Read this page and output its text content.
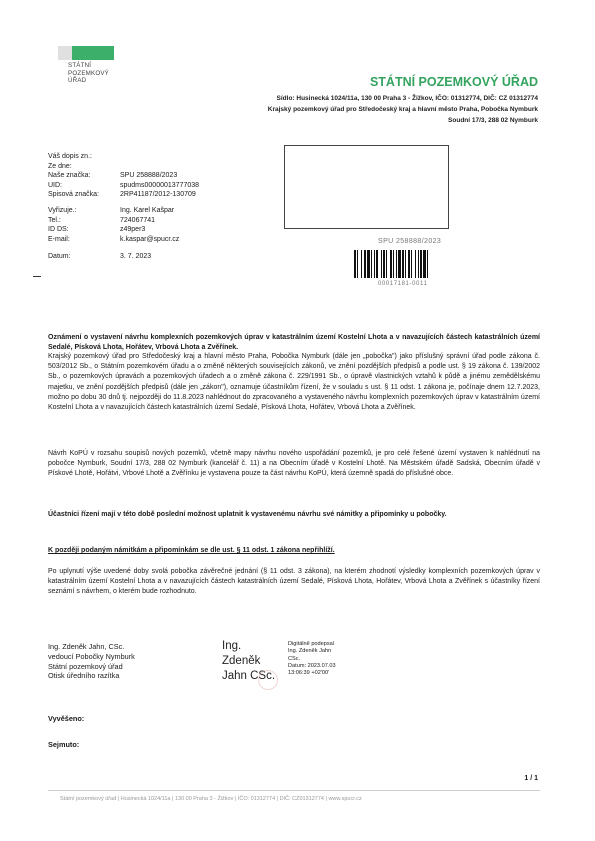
STÁTNÍ
POZEMKOVÝ
ÚŘAD	STÁTNÍ POZEMKOVÝ ÚŘAD
Sídlo: Husinecká 1024/11a, 130 00 Praha 3 - Žižkov, IČO: 01312774, DIČ: CZ 01312774
Krajský pozemkový úřad pro Středočeský kraj a hlavní město Praha, Pobočka Nymburk
Soudní 17/3, 288 02 Nymburk
Váš dopis zn.:
Ze dne:
Naše značka:	SPU 258888/2023
UID:	spudms00000013777038
Spisová značka:	2RP41187/2012-130709
Vyřizuje.:	Ing. Karel Kašpar
Tel.:	724067741
ID DS:	z49per3
E-mail:	k.kaspar@spucr.cz
Datum:	3. 7. 2023
SPU 258888/2023
00017181-0011
Oznámení o vystavení návrhu komplexních pozemkových úprav v katastrálním území Kostelní Lhota a v navazujících částech katastrálních území Sedalé, Písková Lhota, Hořátev, Vrbová Lhota a Zvěřínek.
Krajský pozemkový úřad pro Středočeský kraj a hlavní město Praha, Pobočka Nymburk (dále jen „pobočka") jako příslušný správní úřad podle zákona č. 503/2012 Sb., o Státním pozemkovém úřadu a o změně některých souvisejících zákonů, ve znění pozdějších předpisů a podle ust. § 19 zákona č. 139/2002 Sb., o pozemkových úpravách a pozemkových úřadech a o změně zákona č. 229/1991 Sb., o úpravě vlastnických vztahů k půdě a jinému zemědělskému majetku, ve znění pozdějších předpisů (dále jen „zákon"), oznamuje účastníkům řízení, že v souladu s ust. § 11 odst. 1 zákona je, počínaje dnem 12.7.2023, možno po dobu 30 dnů tj. nejpozději do 11.8.2023 nahlédnout do zpracovaného a vystaveného návrhu komplexních pozemkových úprav v katastrálním území Kostelní Lhota a v navazujících částech katastrálních území Sedalé, Písková Lhota, Hořátev, Vrbová Lhota a Zvěřínek.
Návrh KoPÚ v rozsahu soupisů nových pozemků, včetně mapy návrhu nového uspořádání pozemků, je pro celé řešené území vystaven k nahlédnutí na pobočce Nymburk, Soudní 17/3, 288 02 Nymburk (kancelář č. 11) a na Obecním úřadě v Kostelní Lhotě. Na Městském úřadě Sadská, Obecním úřadě v Pískové Lhotě, Hořátvi, Vrbové Lhotě a Zvěřínku je vystavena pouze ta část návrhu KoPÚ, která územně spadá do příslušné obce.
Účastníci řízení mají v této době poslední možnost uplatnit k vystavenému návrhu své námitky a připomínky u pobočky.
K později podaným námitkám a připomínkám se dle ust. § 11 odst. 1 zákona nepřihlíží.
Po uplynutí výše uvedené doby svolá pobočka závěrečné jednání (§ 11 odst. 3 zákona), na kterém zhodnotí výsledky komplexních pozemkových úprav v katastrálním území Kostelní Lhota a v navazujících částech katastrálních území Sedalé, Písková Lhota, Hořátev, Vrbová Lhota a Zvěřínek s účastníky řízení seznámí s návrhem, o kterém bude rozhodnuto.
Ing. Zdeněk Jahn, CSc.
vedoucí Pobočky Nymburk
Státní pozemkový úřad
Otisk úředního razítka
Ing.
Zdeněk
Jahn CSc.
Digitálně podepsal
Ing. Zdeněk Jahn
CSc.
Datum: 2023.07.03
13:06:39 +02'00'
Vyvěšeno:
Sejmuto:
1 / 1
Státní pozemkový úřad | Husinecká 1024/11a | 130 00 Praha 3 - Žižkov | IČO: 01312774 | DIČ: CZ01312774 | www.spucr.cz
